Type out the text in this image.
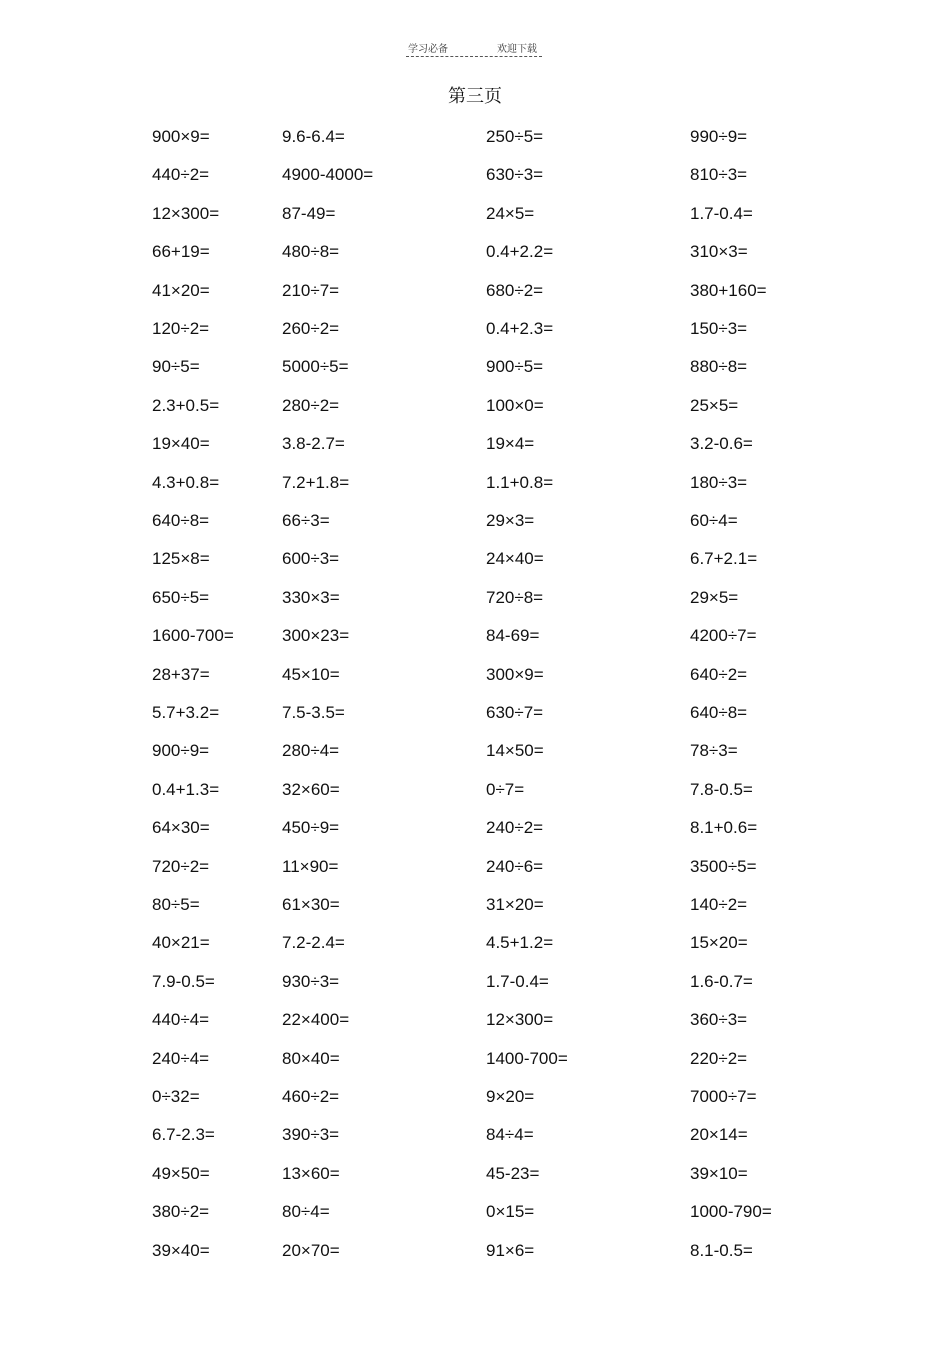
学习必备	欢迎下载
第三页
900×9=	9.6-6.4=	250÷5=	990÷9=
440÷2=	4900-4000=	630÷3=	810÷3=
12×300=	87-49=	24×5=	1.7-0.4=
66+19=	480÷8=	0.4+2.2=	310×3=
41×20=	210÷7=	680÷2=	380+160=
120÷2=	260÷2=	0.4+2.3=	150÷3=
90÷5=	5000÷5=	900÷5=	880÷8=
2.3+0.5=	280÷2=	100×0=	25×5=
19×40=	3.8-2.7=	19×4=	3.2-0.6=
4.3+0.8=	7.2+1.8=	1.1+0.8=	180÷3=
640÷8=	66÷3=	29×3=	60÷4=
125×8=	600÷3=	24×40=	6.7+2.1=
650÷5=	330×3=	720÷8=	29×5=
1600-700=	300×23=	84-69=	4200÷7=
28+37=	45×10=	300×9=	640÷2=
5.7+3.2=	7.5-3.5=	630÷7=	640÷8=
900÷9=	280÷4=	14×50=	78÷3=
0.4+1.3=	32×60=	0÷7=	7.8-0.5=
64×30=	450÷9=	240÷2=	8.1+0.6=
720÷2=	11×90=	240÷6=	3500÷5=
80÷5=	61×30=	31×20=	140÷2=
40×21=	7.2-2.4=	4.5+1.2=	15×20=
7.9-0.5=	930÷3=	1.7-0.4=	1.6-0.7=
440÷4=	22×400=	12×300=	360÷3=
240÷4=	80×40=	1400-700=	220÷2=
0÷32=	460÷2=	9×20=	7000÷7=
6.7-2.3=	390÷3=	84÷4=	20×14=
49×50=	13×60=	45-23=	39×10=
380÷2=	80÷4=	0×15=	1000-790=
39×40=	20×70=	91×6=	8.1-0.5=
